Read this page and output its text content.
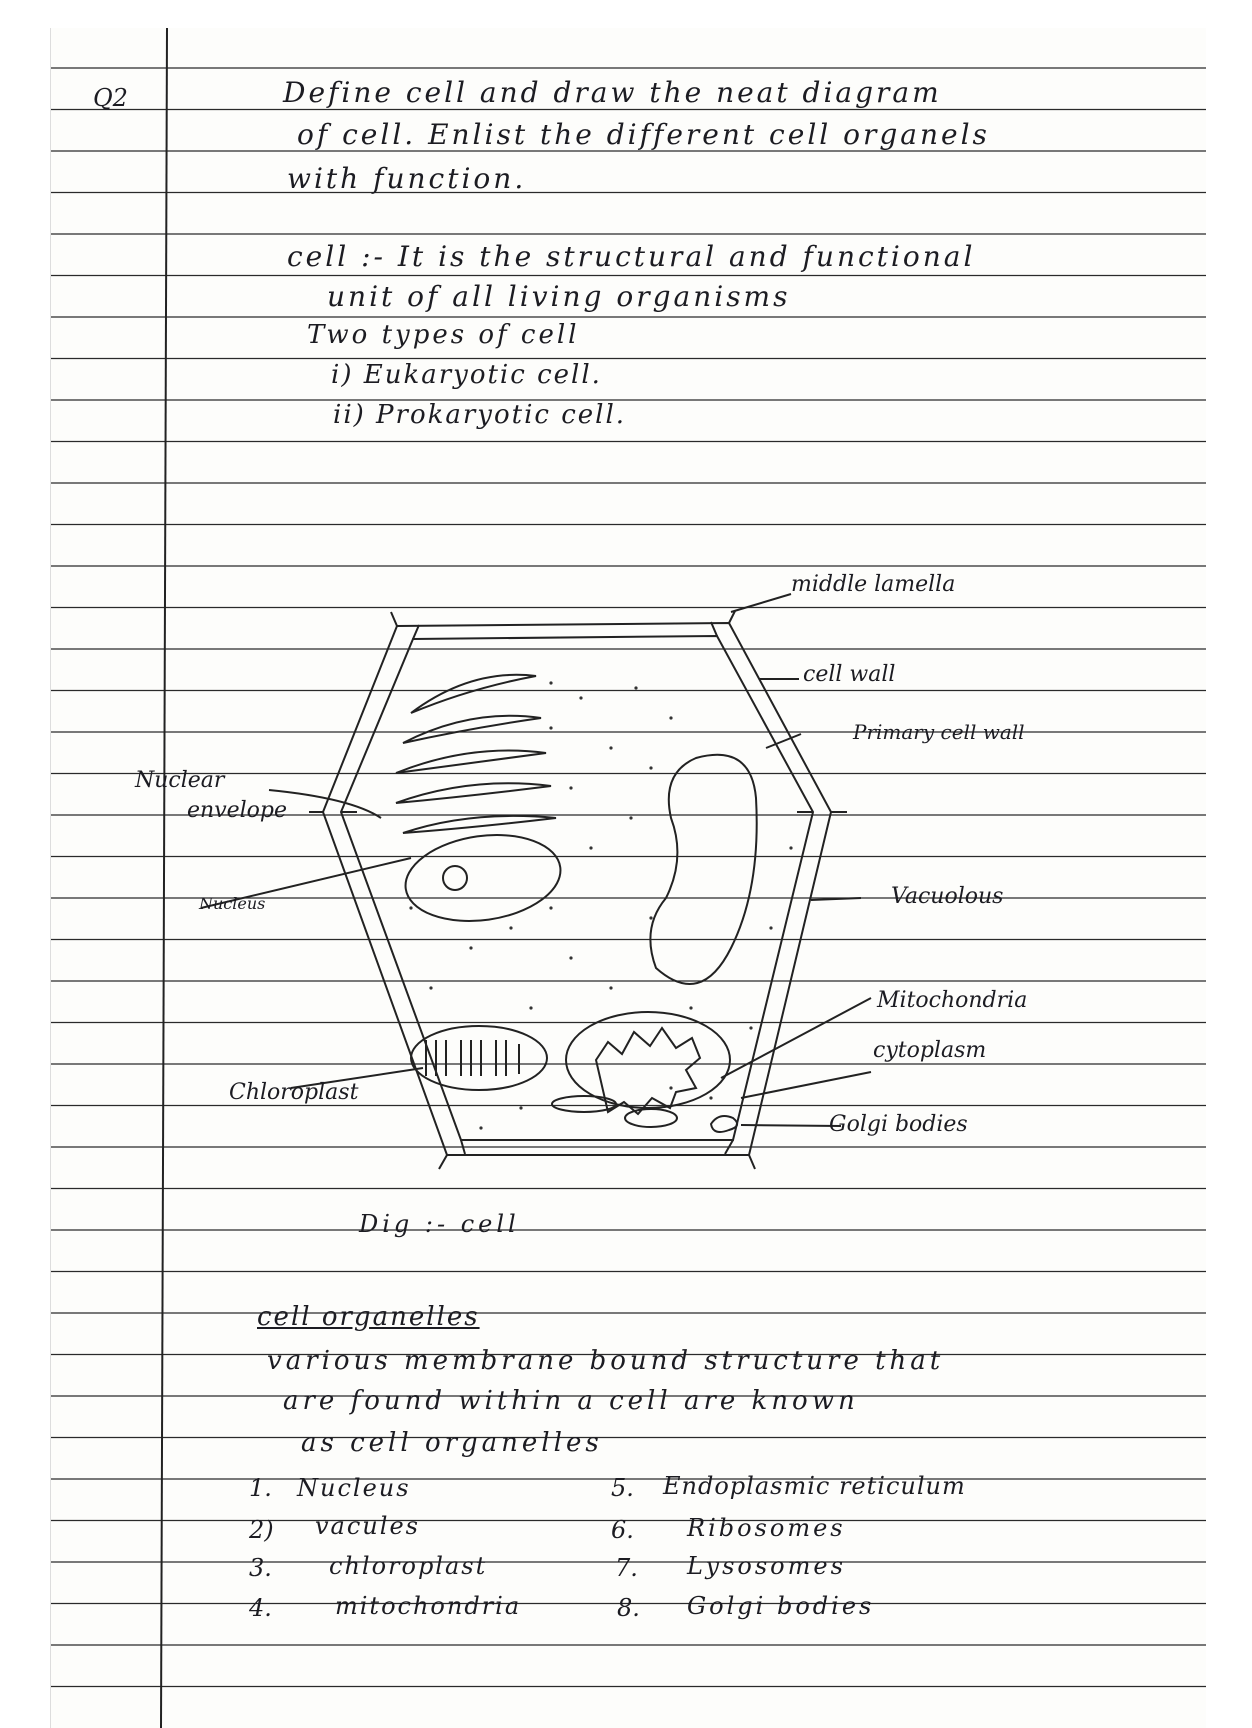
Q2	Define cell and draw the neat diagram
of cell. Enlist the different cell organels
with function.
cell :- It is the structural and functional
unit of all living organisms
Two types of cell
i) Eukaryotic cell.
ii) Prokaryotic cell.
middle lamella
cell wall
Primary cell wall
Nuclear
envelope
Nucleus	Vacuolous
Mitochondria
cytoplasm
Chloroplast
Golgi bodies
Dig :- cell
cell organelles
various membrane bound structure that
are found within a cell are known
as cell organelles
1. Nucleus
2) vacules
3. chloroplast
4.	mitochondria
5. Endoplasmic reticulum
6. Ribosomes
7. Lysosomes
8. Golgi bodies
